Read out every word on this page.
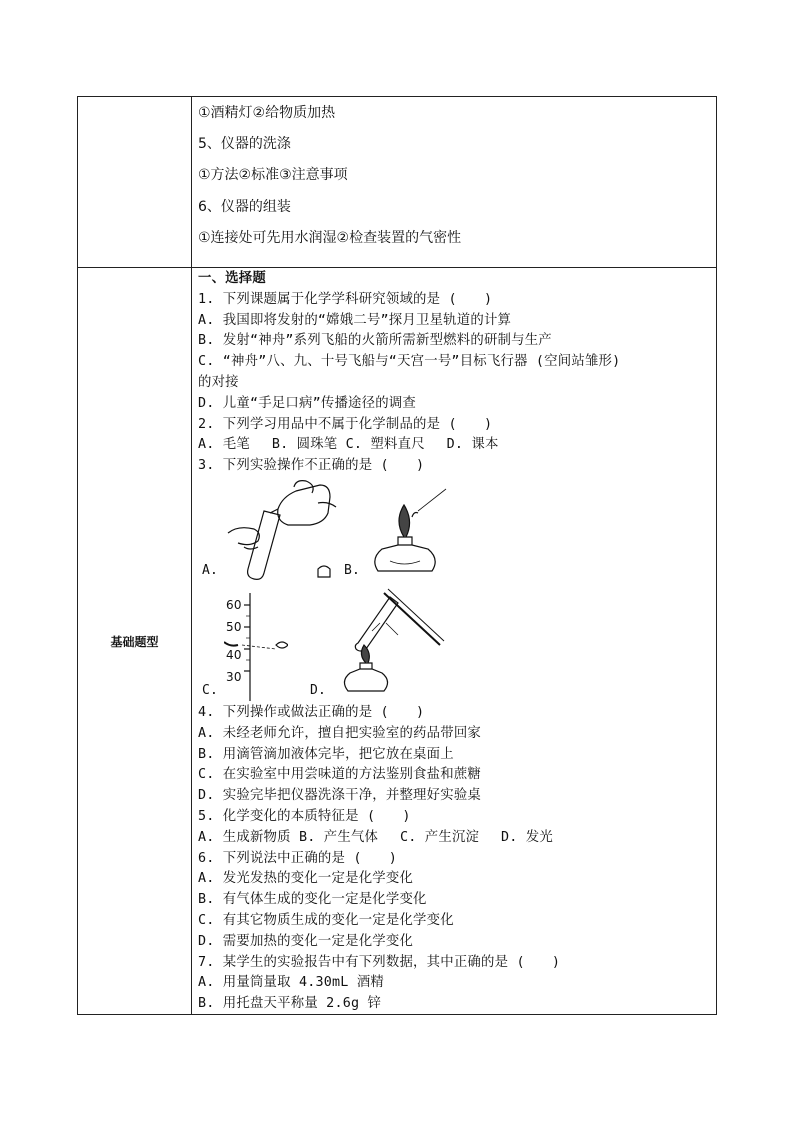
①酒精灯②给物质加热
5、仪器的洗涤
①方法②标准③注意事项
6、仪器的组装
①连接处可先用水润湿②检查装置的气密性
基础题型
一、选择题
1. 下列课题属于化学学科研究领域的是 (　　)
A. 我国即将发射的“嫦娥二号”探月卫星轨道的计算
B. 发射“神舟”系列飞船的火箭所需新型燃料的研制与生产
C. “神舟”八、九、十号飞船与“天宫一号”目标飞行器 (空间站雏形)
的对接
D. 儿童“手足口病”传播途径的调查
2. 下列学习用品中不属于化学制品的是 (　　)
A. 毛笔　 B. 圆珠笔 C. 塑料直尺　 D. 课本
3. 下列实验操作不正确的是 (　　)
A.	B.
C.
60
50
40
30
D.
4. 下列操作或做法正确的是 (　　)
A. 未经老师允许，擅自把实验室的药品带回家
B. 用滴管滴加液体完毕，把它放在桌面上
C. 在实验室中用尝味道的方法鉴别食盐和蔗糖
D. 实验完毕把仪器洗涤干净，并整理好实验桌
5. 化学变化的本质特征是 (　　)
A. 生成新物质 B. 产生气体　 C. 产生沉淀　 D. 发光
6. 下列说法中正确的是 (　　)
A. 发光发热的变化一定是化学变化
B. 有气体生成的变化一定是化学变化
C. 有其它物质生成的变化一定是化学变化
D. 需要加热的变化一定是化学变化
7. 某学生的实验报告中有下列数据，其中正确的是 (　　)
A. 用量筒量取 4.30mL 酒精
B. 用托盘天平称量 2.6g 锌
